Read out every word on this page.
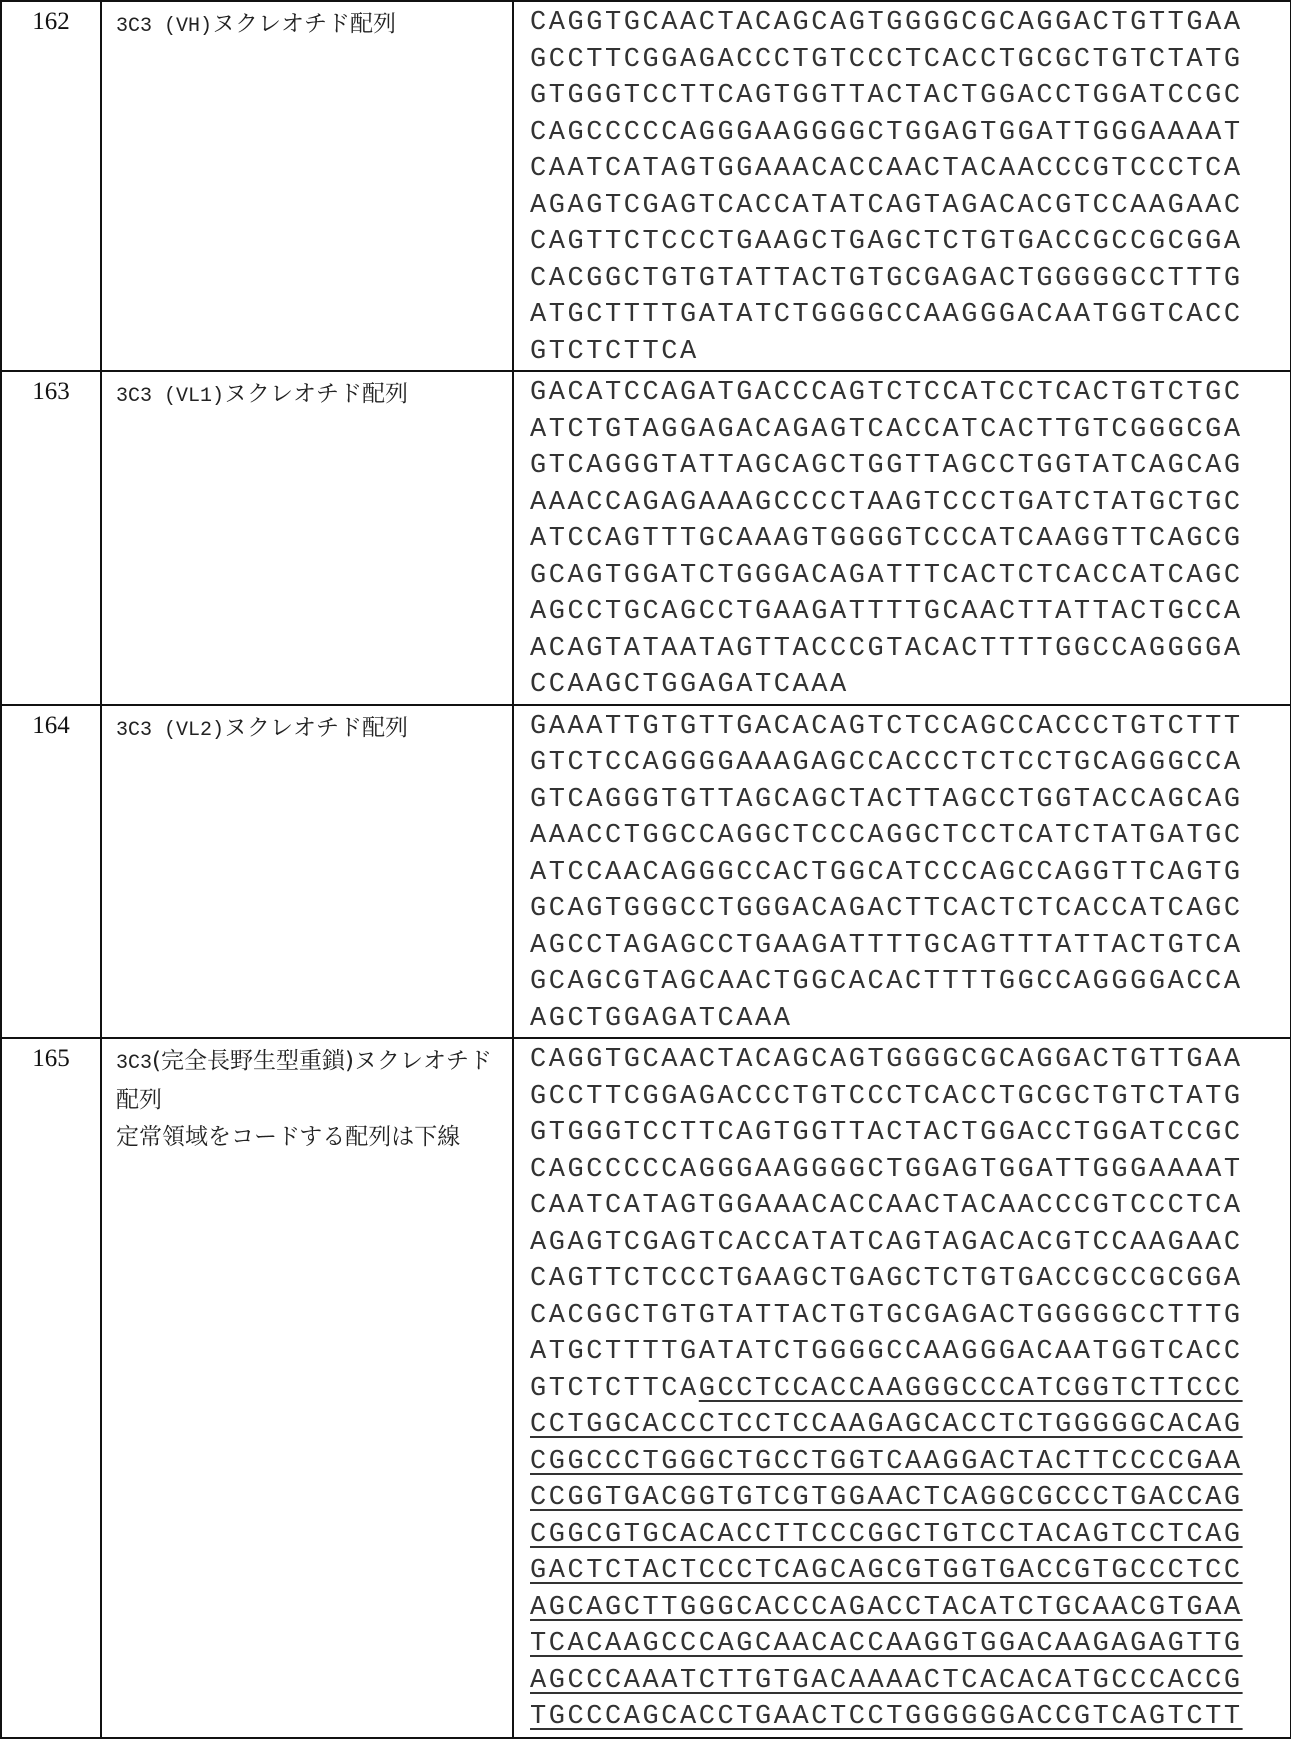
162	3C3 (VH)ヌクレオチド配列	CAGGTGCAACTACAGCAGTGGGGCGCAGGACTGTTGAA
GCCTTCGGAGACCCTGTCCCTCACCTGCGCTGTCTATG
GTGGGTCCTTCAGTGGTTACTACTGGACCTGGATCCGC
CAGCCCCCAGGGAAGGGGCTGGAGTGGATTGGGAAAAT
CAATCATAGTGGAAACACCAACTACAACCCGTCCCTCA
AGAGTCGAGTCACCATATCAGTAGACACGTCCAAGAAC
CAGTTCTCCCTGAAGCTGAGCTCTGTGACCGCCGCGGA
CACGGCTGTGTATTACTGTGCGAGACTGGGGGCCTTTG
ATGCTTTTGATATCTGGGGCCAAGGGACAATGGTCACC
GTCTCTTCA

163	3C3 (VL1)ヌクレオチド配列	GACATCCAGATGACCCAGTCTCCATCCTCACTGTCTGC
ATCTGTAGGAGACAGAGTCACCATCACTTGTCGGGCGA
GTCAGGGTATTAGCAGCTGGTTAGCCTGGTATCAGCAG
AAACCAGAGAAAGCCCCTAAGTCCCTGATCTATGCTGC
ATCCAGTTTGCAAAGTGGGGTCCCATCAAGGTTCAGCG
GCAGTGGATCTGGGACAGATTTCACTCTCACCATCAGC
AGCCTGCAGCCTGAAGATTTTGCAACTTATTACTGCCA
ACAGTATAATAGTTACCCGTACACTTTTGGCCAGGGGA
CCAAGCTGGAGATCAAA

164	3C3 (VL2)ヌクレオチド配列	GAAATTGTGTTGACACAGTCTCCAGCCACCCTGTCTTT
GTCTCCAGGGGAAAGAGCCACCCTCTCCTGCAGGGCCA
GTCAGGGTGTTAGCAGCTACTTAGCCTGGTACCAGCAG
AAACCTGGCCAGGCTCCCAGGCTCCTCATCTATGATGC
ATCCAACAGGGCCACTGGCATCCCAGCCAGGTTCAGTG
GCAGTGGGCCTGGGACAGACTTCACTCTCACCATCAGC
AGCCTAGAGCCTGAAGATTTTGCAGTTTATTACTGTCA
GCAGCGTAGCAACTGGCACACTTTTGGCCAGGGGACCA
AGCTGGAGATCAAA

165	3C3(完全長野生型重鎖)ヌクレオチド配列
定常領域をコードする配列は下線

CAGGTGCAACTACAGCAGTGGGGCGCAGGACTGTTGAA
GCCTTCGGAGACCCTGTCCCTCACCTGCGCTGTCTATG
GTGGGTCCTTCAGTGGTTACTACTGGACCTGGATCCGC
CAGCCCCCAGGGAAGGGGCTGGAGTGGATTGGGAAAAT
CAATCATAGTGGAAACACCAACTACAACCCGTCCCTCA
AGAGTCGAGTCACCATATCAGTAGACACGTCCAAGAAC
CAGTTCTCCCTGAAGCTGAGCTCTGTGACCGCCGCGGA
CACGGCTGTGTATTACTGTGCGAGACTGGGGGCCTTTG
ATGCTTTTGATATCTGGGGCCAAGGGACAATGGTCACC
GTCTCTTCAGCCTCCACCAAGGGCCCATCGGTCTTCCC
CCTGGCACCCTCCTCCAAGAGCACCTCTGGGGGCACAG
CGGCCCTGGGCTGCCTGGTCAAGGACTACTTCCCCGAA
CCGGTGACGGTGTCGTGGAACTCAGGCGCCCTGACCAG
CGGCGTGCACACCTTCCCGGCTGTCCTACAGTCCTCAG
GACTCTACTCCCTCAGCAGCGTGGTGACCGTGCCCTCC
AGCAGCTTGGGCACCCAGACCTACATCTGCAACGTGAA
TCACAAGCCCAGCAACACCAAGGTGGACAAGAGAGTTG
AGCCCAAATCTTGTGACAAAACTCACACATGCCCACCG
TGCCCAGCACCTGAACTCCTGGGGGGACCGTCAGTCTT
